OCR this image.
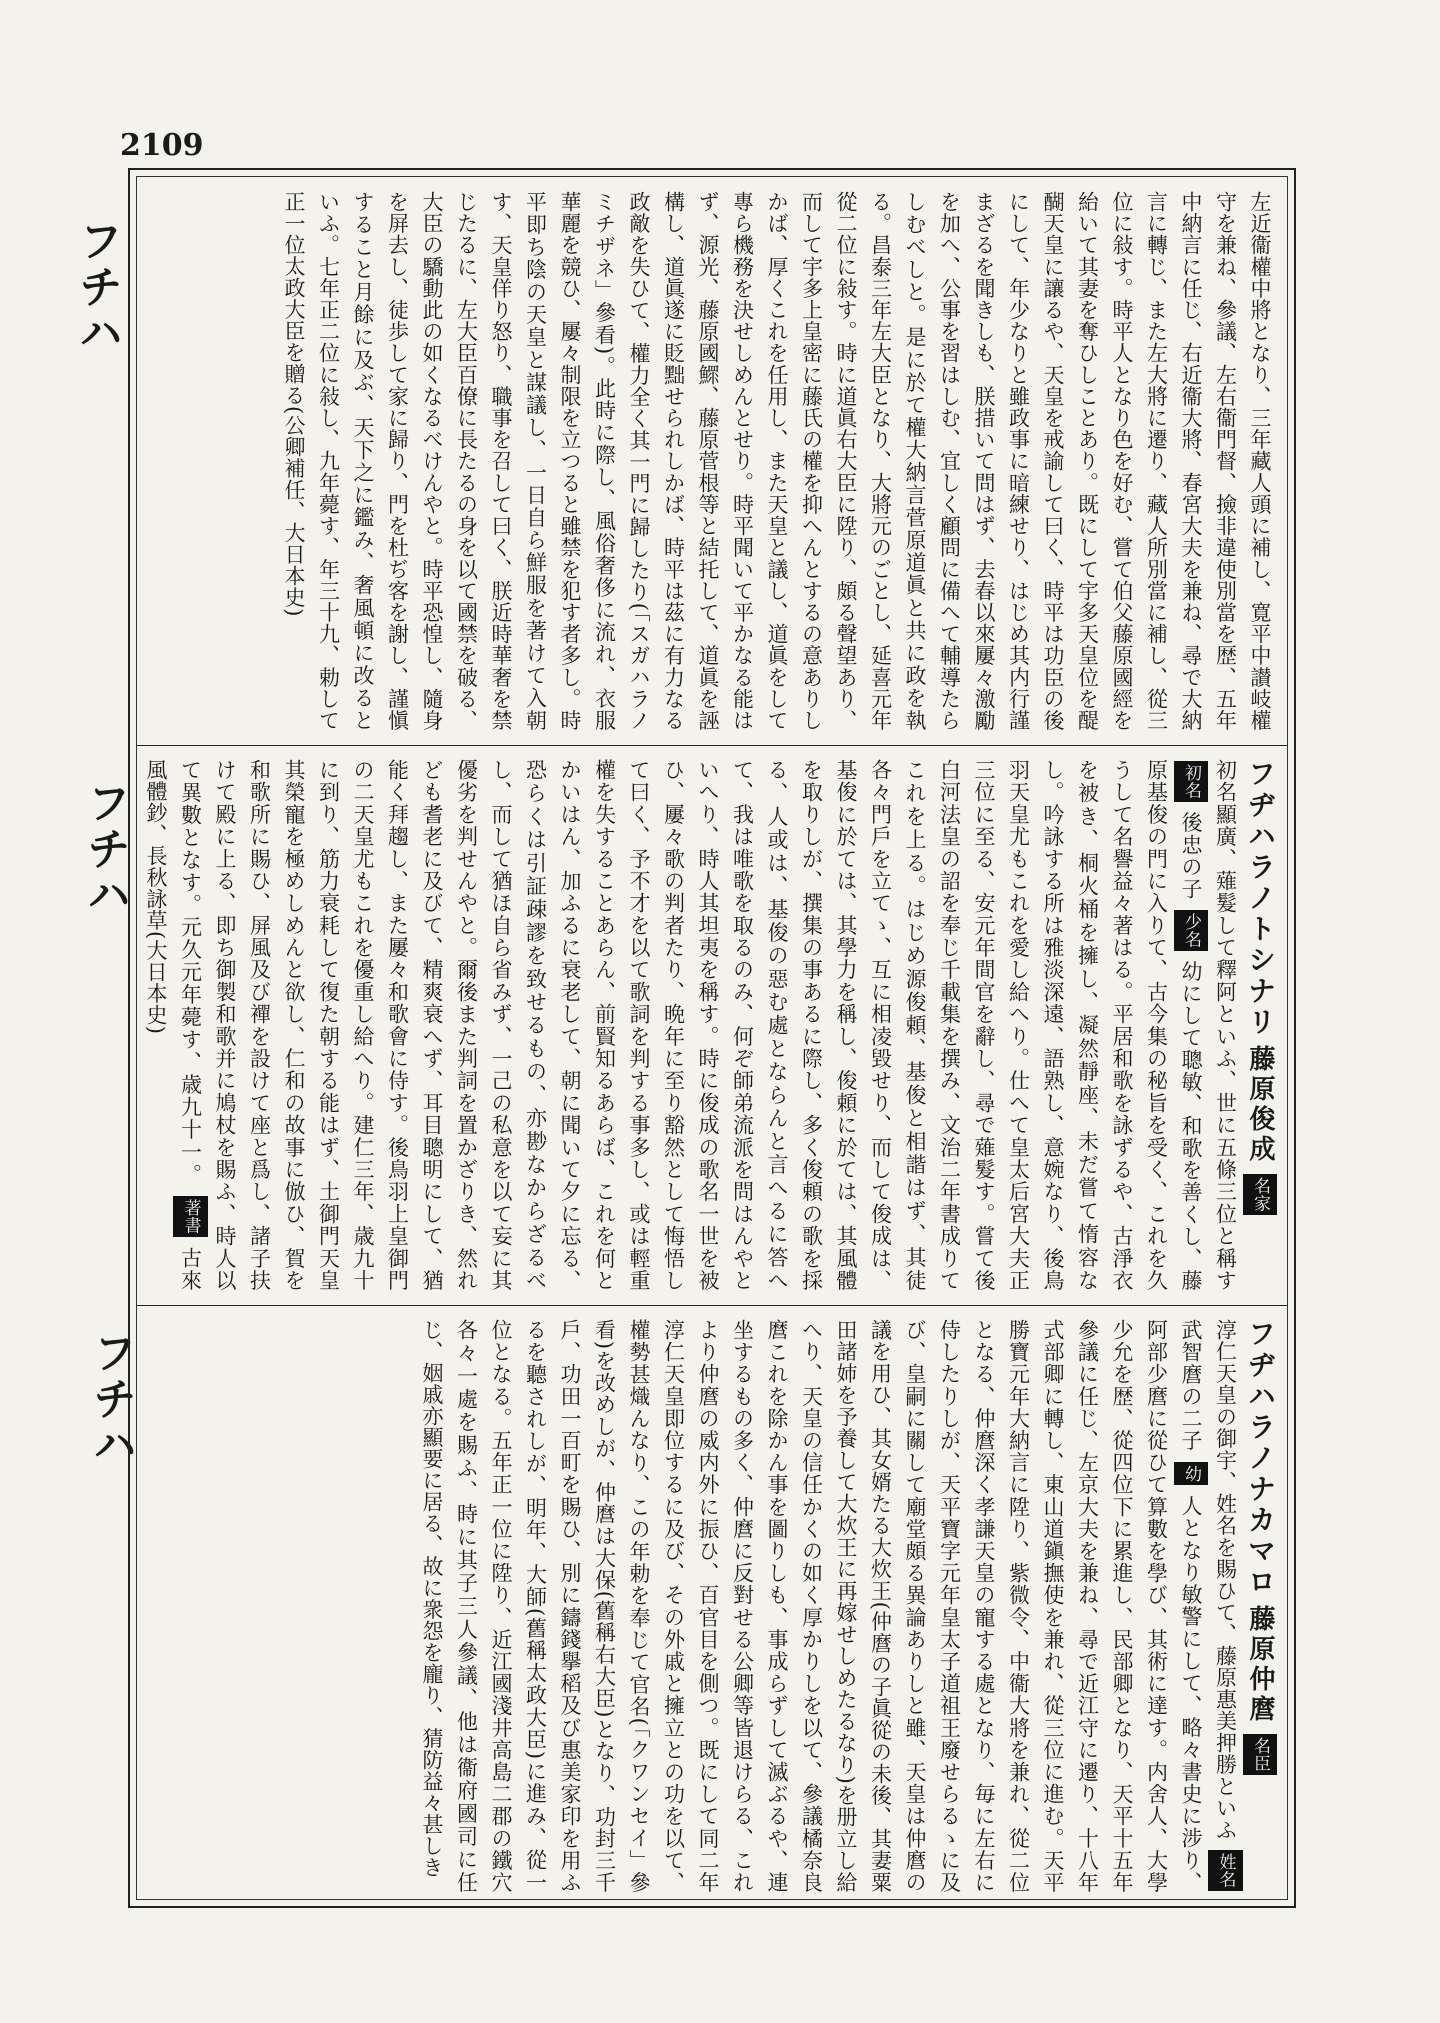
2109
フチハ
フチハ
フチハ

左近衞權中將となり、三年藏人頭に補し、寛平中讃岐權守を兼ね、參議、左右衞門督、撿非違使別當を歴、五年中納言に任じ、右近衞大將、春宮大夫を兼ね、尋で大納言に轉じ、また左大將に遷り、藏人所別當に補し、從三位に敍す。時平人となり色を好む、嘗て伯父藤原國經を紿いて其妻を奪ひしことあり。既にして宇多天皇位を醍醐天皇に讓るや、天皇を戒諭して曰く、時平は功臣の後にして、年少なりと雖政事に暗練せり、はじめ其内行謹まざるを聞きしも、朕措いて問はず、去春以來屢々激勵を加へ、公事を習はしむ、宜しく顧問に備へて輔導たらしむべしと。是に於て權大納言菅原道眞と共に政を執る。昌泰三年左大臣となり、大將元のごとし、延喜元年從二位に敍す。時に道眞右大臣に陞り、頗る聲望あり、而して宇多上皇密に藤氏の權を抑へんとするの意ありしかば、厚くこれを任用し、また天皇と議し、道眞をして專ら機務を決せしめんとせり。時平聞いて平かなる能はず、源光、藤原國鰥、藤原菅根等と結托して、道眞を誣構し、道眞遂に貶黜せられしかば、時平は茲に有力なる政敵を失ひて、權力全く其一門に歸したり(「スガハラノミチザネ」參看)。此時に際し、風俗奢侈に流れ、衣服華麗を競ひ、屢々制限を立つると雖禁を犯す者多し。時平即ち陰の天皇と謀議し、一日自ら鮮服を著けて入朝す、天皇佯り怒り、職事を召して曰く、朕近時華奢を禁じたるに、左大臣百僚に長たるの身を以て國禁を破る、大臣の驕動此の如くなるべけんやと。時平恐惶し、隨身を屏去し、徒歩して家に歸り、門を杜ぢ客を謝し、謹愼すること月餘に及ぶ、天下之に鑑み、奢風頓に改ると いふ。七年正二位に敍し、九年薨す、年三十九、勅して正一位太政大臣を贈る(公卿補任、大日本史)

フヂハラノトシナリ 藤原俊成 名家

初名顯廣、薙髮して釋阿といふ、世に五條三位と稱す 初名 後忠の子 少名 幼にして聰敏、和歌を善くし、藤原基俊の門に入りて、古今集の秘旨を受く、これを久うして名譽益々著はる。平居和歌を詠ずるや、古淨衣を被き、桐火桶を擁し、凝然靜座、未だ嘗て惰容なし。吟詠する所は雅淡深遠、語熟し、意婉なり、後鳥羽天皇尤もこれを愛し給へり。仕へて皇太后宮大夫正三位に至る、安元年間官を辭し、尋で薙髮す。嘗て後白河法皇の詔を奉じ千載集を撰み、文治二年書成りてこれを上る。はじめ源俊頼、基俊と相諧はず、其徒各々門戶を立てゝ、互に相凌毀せり、而して俊成は、基俊に於ては、其學力を稱し、俊頼に於ては、其風體を取りしが、撰集の事あるに際し、多く俊頼の歌を採る、人或は、基俊の惡む處とならんと言へるに答へて、我は唯歌を取るのみ、何ぞ師弟流派を問はんやといへり、時人其坦夷を稱す。時に俊成の歌名一世を被ひ、屢々歌の判者たり、晩年に至り豁然として悔悟して曰く、予不才を以て歌詞を判する事多し、或は輕重權を失することあらん、前賢知るあらば、これを何とかいはん、加ふるに衰老して、朝に聞いて夕に忘る、恐らくは引証疎謬を致せるもの、亦尠なからざるべし、而して猶ほ自ら省みず、一己の私意を以て妄に其優劣を判せんやと。爾後また判詞を置かざりき、然れども耆老に及びて、精爽衰へず、耳目聰明にして、猶能く拜趨し、また屢々和歌會に侍す。後鳥羽上皇御門の二天皇尤もこれを優重し給へり。建仁三年、歳九十に到り、筋力衰耗して復た朝する能はず、土御門天皇其榮寵を極めしめんと欲し、仁和の故事に倣ひ、賀を和歌所に賜ひ、屏風及び襌を設けて座と爲し、諸子扶けて殿に上る、即ち御製和歌并に鳩杖を賜ふ、時人以て異數となす。元久元年薨す、歳九十一。 著書 古來風體鈔、長秋詠草(大日本史)

フヂハラノナカマロ 藤原仲麿 名臣

淳仁天皇の御宇、姓名を賜ひて、藤原惠美押勝といふ 姓名 武智麿の二子 幼 人となり敏警にして、略々書史に涉り、阿部少麿に從ひて算數を學び、其術に達す。内舍人、大學少允を歴、從四位下に累進し、民部卿となり、天平十五年參議に任じ、左京大夫を兼ね、尋で近江守に遷り、十八年式部卿に轉し、東山道鎭撫使を兼れ、從三位に進む。天平勝寶元年大納言に陞り、紫微令、中衞大將を兼れ、從二位となる、仲麿深く孝謙天皇の寵する處となり、毎に左右に侍したりしが、天平寶字元年皇太子道祖王廢せらるゝに及び、皇嗣に關して廟堂頗る異論ありしと雖、天皇は仲麿の議を用ひ、其女婿たる大炊王(仲麿の子眞從の未後、其妻粟田諸姉を予養して大炊王に再嫁せしめたるなり)を册立し給へり、天皇の信任かくの如く厚かりしを以て、參議橘奈良麿これを除かん事を圖りしも、事成らずして滅ぶるや、連坐するもの多く、仲麿に反對せる公卿等皆退けらる、これより仲麿の威内外に振ひ、百官目を側つ。既にして同二年淳仁天皇即位するに及び、その外戚と擁立との功を以て、權勢甚熾んなり、この年勅を奉じて官名(「クワンセイ」參看)を改めしが、仲麿は大保(舊稱右大臣)となり、功封三千戶、功田一百町を賜ひ、別に鑄錢擧稻及び惠美家印を用ふるを聽されしが、明年、大師(舊稱太政大臣)に進み、從一位となる。五年正一位に陞り、近江國淺井高島二郡の鐵穴各々一處を賜ふ、時に其子三人參議、他は衞府國司に任じ、姻戚亦顯要に居る、故に衆怨を龐り、猜防益々甚しき
